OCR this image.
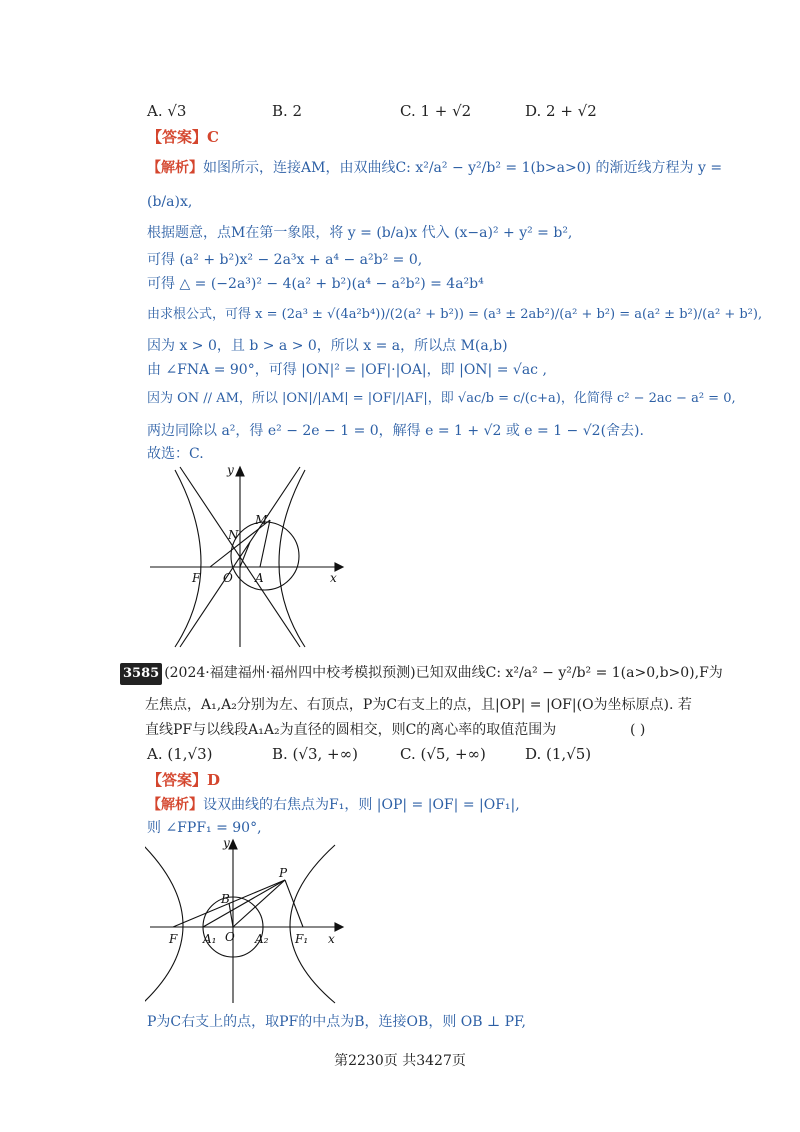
A. √3	B. 2	C. 1 + √2	D. 2 + √2
【答案】C
【解析】如图所示，连接AM，由双曲线C: x²/a² − y²/b² = 1(b>a>0) 的渐近线方程为 y =
(b/a)x,
根据题意，点M在第一象限，将 y = (b/a)x 代入 (x−a)² + y² = b²,
可得 (a² + b²)x² − 2a³x + a⁴ − a²b² = 0,
可得 △ = (−2a³)² − 4(a² + b²)(a⁴ − a²b²) = 4a²b⁴
由求根公式，可得 x = (2a³ ± √(4a²b⁴))/(2(a² + b²)) = (a³ ± 2ab²)/(a² + b²) = a(a² ± b²)/(a² + b²),
因为 x > 0，且 b > a > 0，所以 x = a，所以点 M(a,b)
由 ∠FNA = 90°，可得 |ON|² = |OF|·|OA|，即 |ON| = √ac ,
因为 ON // AM，所以 |ON|/|AM| = |OF|/|AF|，即 √ac/b = c/(c+a)，化简得 c² − 2ac − a² = 0,
两边同除以 a²，得 e² − 2e − 1 = 0，解得 e = 1 + √2 或 e = 1 − √2(舍去).
故选：C.
y
M
N
F O A	x
3585 (2024·福建福州·福州四中校考模拟预测)已知双曲线C: x²/a² − y²/b² = 1(a>0,b>0),F为
左焦点，A₁,A₂分别为左、右顶点，P为C右支上的点，且|OP| = |OF|(O为坐标原点). 若
直线PF与以线段A₁A₂为直径的圆相交，则C的离心率的取值范围为	( )
A. (1,√3)	B. (√3, +∞)	C. (√5, +∞)	D. (1,√5)
【答案】D
【解析】设双曲线的右焦点为F₁，则 |OP| = |OF| = |OF₁|,
则 ∠FPF₁ = 90°,
y
P
B
F A₁ O A₂ F₁ x
P为C右支上的点，取PF的中点为B，连接OB，则 OB ⊥ PF,
第2230页 共3427页
